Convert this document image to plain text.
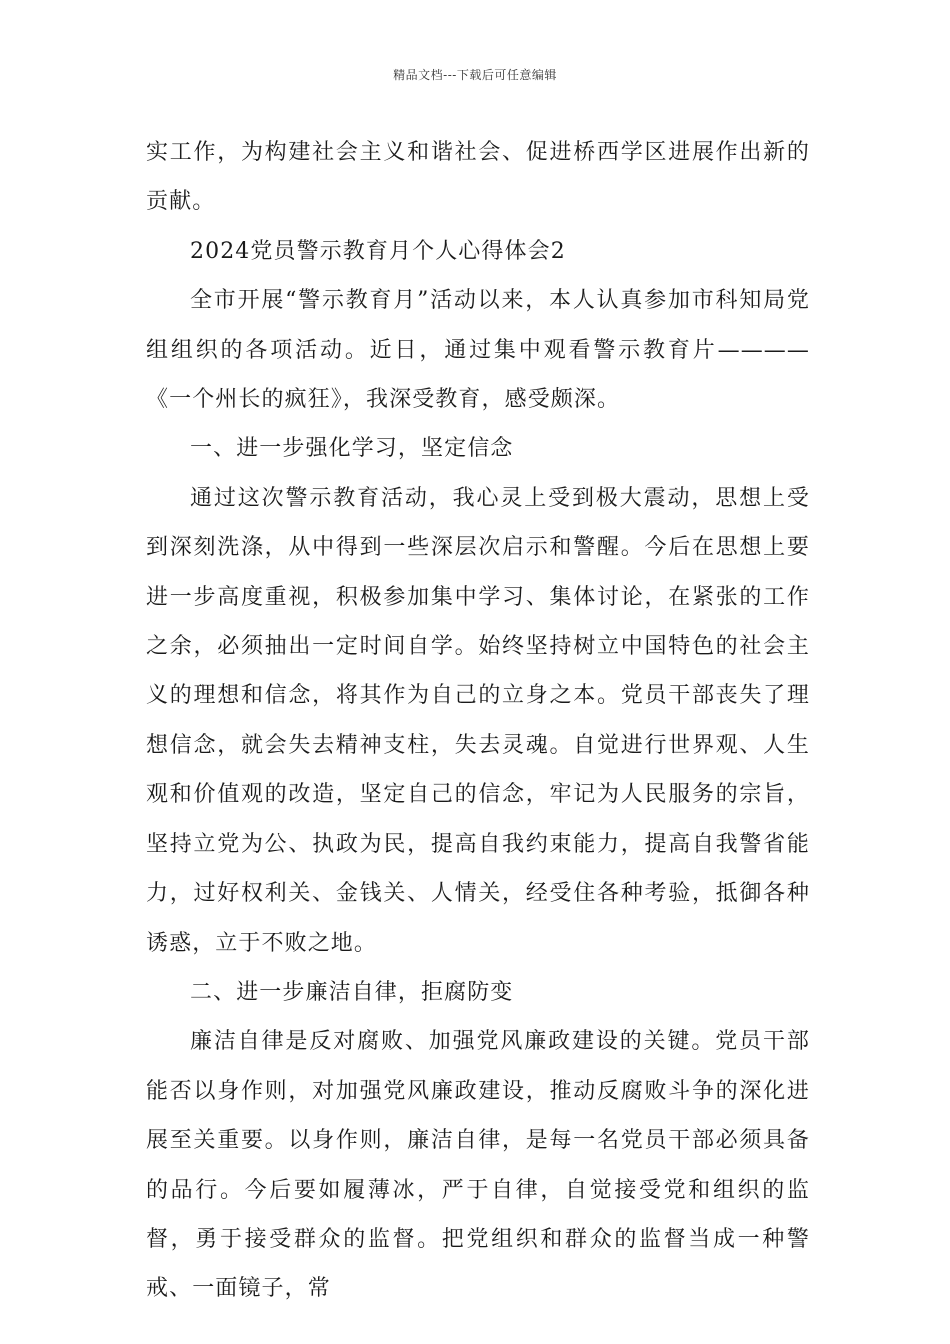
精品文档---下载后可任意编辑

实工作，为构建社会主义和谐社会、促进桥西学区进展作出新的贡献。

2024党员警示教育月个人心得体会2

全市开展“警示教育月”活动以来，本人认真参加市科知局党组组织的各项活动。近日，通过集中观看警示教育片————《一个州长的疯狂》，我深受教育，感受颇深。

一、进一步强化学习，坚定信念

通过这次警示教育活动，我心灵上受到极大震动，思想上受到深刻洗涤，从中得到一些深层次启示和警醒。今后在思想上要进一步高度重视，积极参加集中学习、集体讨论，在紧张的工作之余，必须抽出一定时间自学。始终坚持树立中国特色的社会主义的理想和信念，将其作为自己的立身之本。党员干部丧失了理想信念，就会失去精神支柱，失去灵魂。自觉进行世界观、人生观和价值观的改造，坚定自己的信念，牢记为人民服务的宗旨，坚持立党为公、执政为民，提高自我约束能力，提高自我警省能力，过好权利关、金钱关、人情关，经受住各种考验，抵御各种诱惑，立于不败之地。

二、进一步廉洁自律，拒腐防变

廉洁自律是反对腐败、加强党风廉政建设的关键。党员干部能否以身作则，对加强党风廉政建设，推动反腐败斗争的深化进展至关重要。以身作则，廉洁自律，是每一名党员干部必须具备的品行。今后要如履薄冰，严于自律，自觉接受党和组织的监督，勇于接受群众的监督。把党组织和群众的监督当成一种警戒、一面镜子，常
